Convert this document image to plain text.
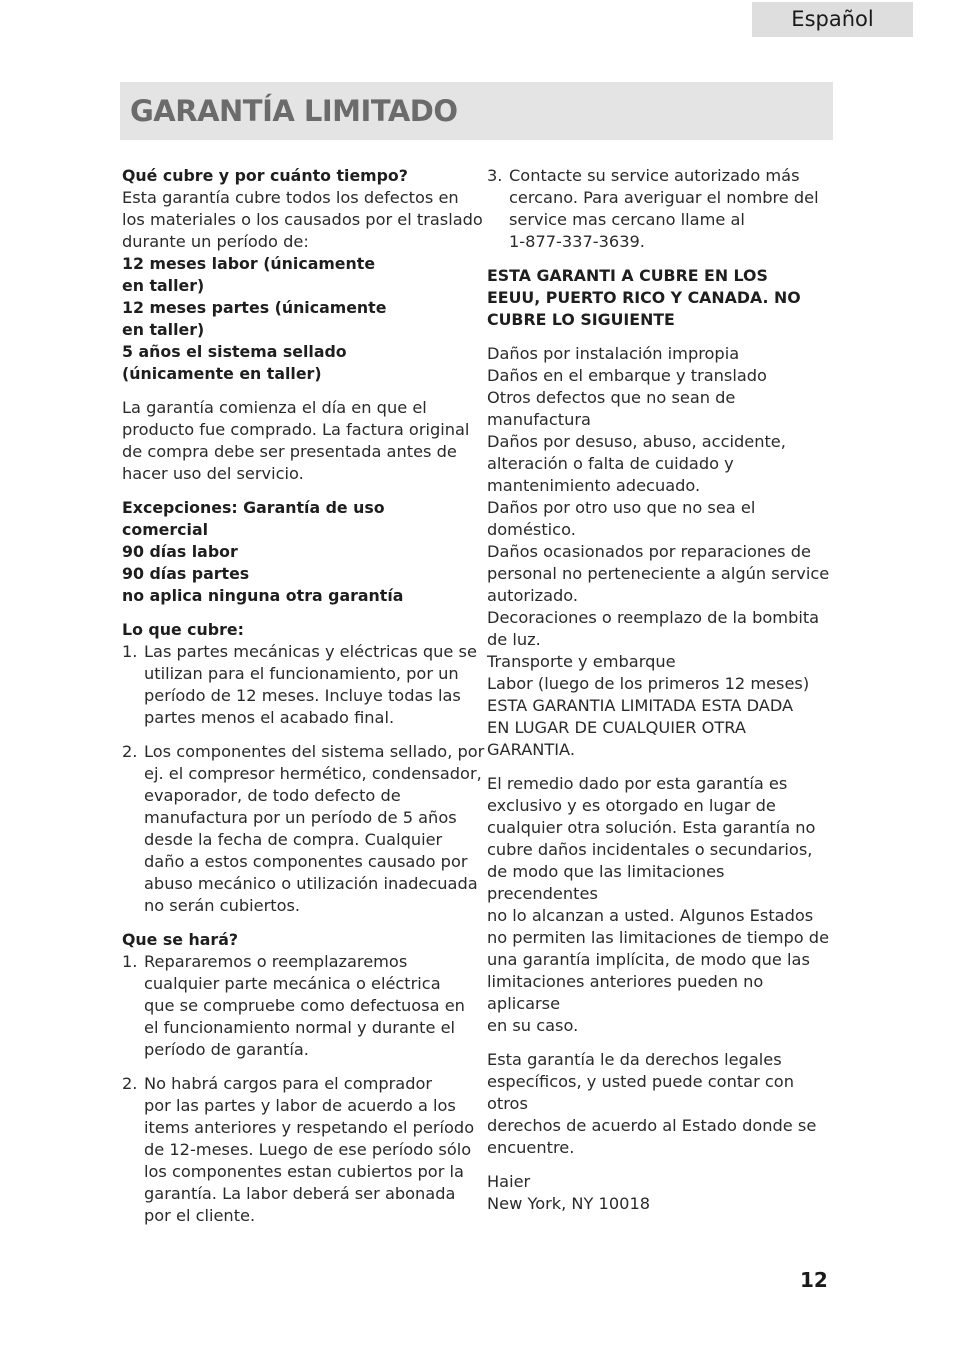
Español
GARANTÍA LIMITADO

Qué cubre y por cuánto tiempo?
Esta garantía cubre todos los defectos en
los materiales o los causados por el traslado
durante un período de:
12 meses labor (únicamente
en taller)
12 meses partes (únicamente
en taller)
5 años el sistema sellado
(únicamente en taller)

La garantía comienza el día en que el
producto fue comprado. La factura original
de compra debe ser presentada antes de
hacer uso del servicio.

Excepciones: Garantía de uso
comercial
90 días labor
90 días partes
no aplica ninguna otra garantía

Lo que cubre:
1. Las partes mecánicas y eléctricas que se
utilizan para el funcionamiento, por un
período de 12 meses. Incluye todas las
partes menos el acabado final.
2. Los componentes del sistema sellado, por
ej. el compresor hermético, condensador,
evaporador, de todo defecto de
manufactura por un período de 5 años
desde la fecha de compra. Cualquier
daño a estos componentes causado por
abuso mecánico o utilización inadecuada
no serán cubiertos.
Que se hará?
1. Repararemos o reemplazaremos
cualquier parte mecánica o eléctrica
que se compruebe como defectuosa en
el funcionamiento normal y durante el
período de garantía.
2. No habrá cargos para el comprador
por las partes y labor de acuerdo a los
items anteriores y respetando el período
de 12-meses. Luego de ese período sólo
los componentes estan cubiertos por la
garantía. La labor deberá ser abonada
por el cliente.
3. Contacte su service autorizado más
cercano. Para averiguar el nombre del
service mas cercano llame al
1-877-337-3639.

ESTA GARANTI A CUBRE EN LOS
EEUU, PUERTO RICO Y CANADA. NO
CUBRE LO SIGUIENTE

Daños por instalación impropia
Daños en el embarque y translado
Otros defectos que no sean de manufactura
Daños por desuso, abuso, accidente,
alteración o falta de cuidado y
mantenimiento adecuado.
Daños por otro uso que no sea el
doméstico.
Daños ocasionados por reparaciones de
personal no perteneciente a algún service
autorizado.
Decoraciones o reemplazo de la bombita
de luz.
Transporte y embarque
Labor (luego de los primeros 12 meses)
ESTA GARANTIA LIMITADA ESTA DADA
EN LUGAR DE CUALQUIER OTRA
GARANTIA.

El remedio dado por esta garantía es
exclusivo y es otorgado en lugar de
cualquier otra solución. Esta garantía no
cubre daños incidentales o secundarios,
de modo que las limitaciones precendentes
no lo alcanzan a usted. Algunos Estados
no permiten las limitaciones de tiempo de
una garantía implícita, de modo que las
limitaciones anteriores pueden no aplicarse
en su caso.

Esta garantía le da derechos legales
específicos, y usted puede contar con otros
derechos de acuerdo al Estado donde se
encuentre.

Haier
New York, NY 10018

12
